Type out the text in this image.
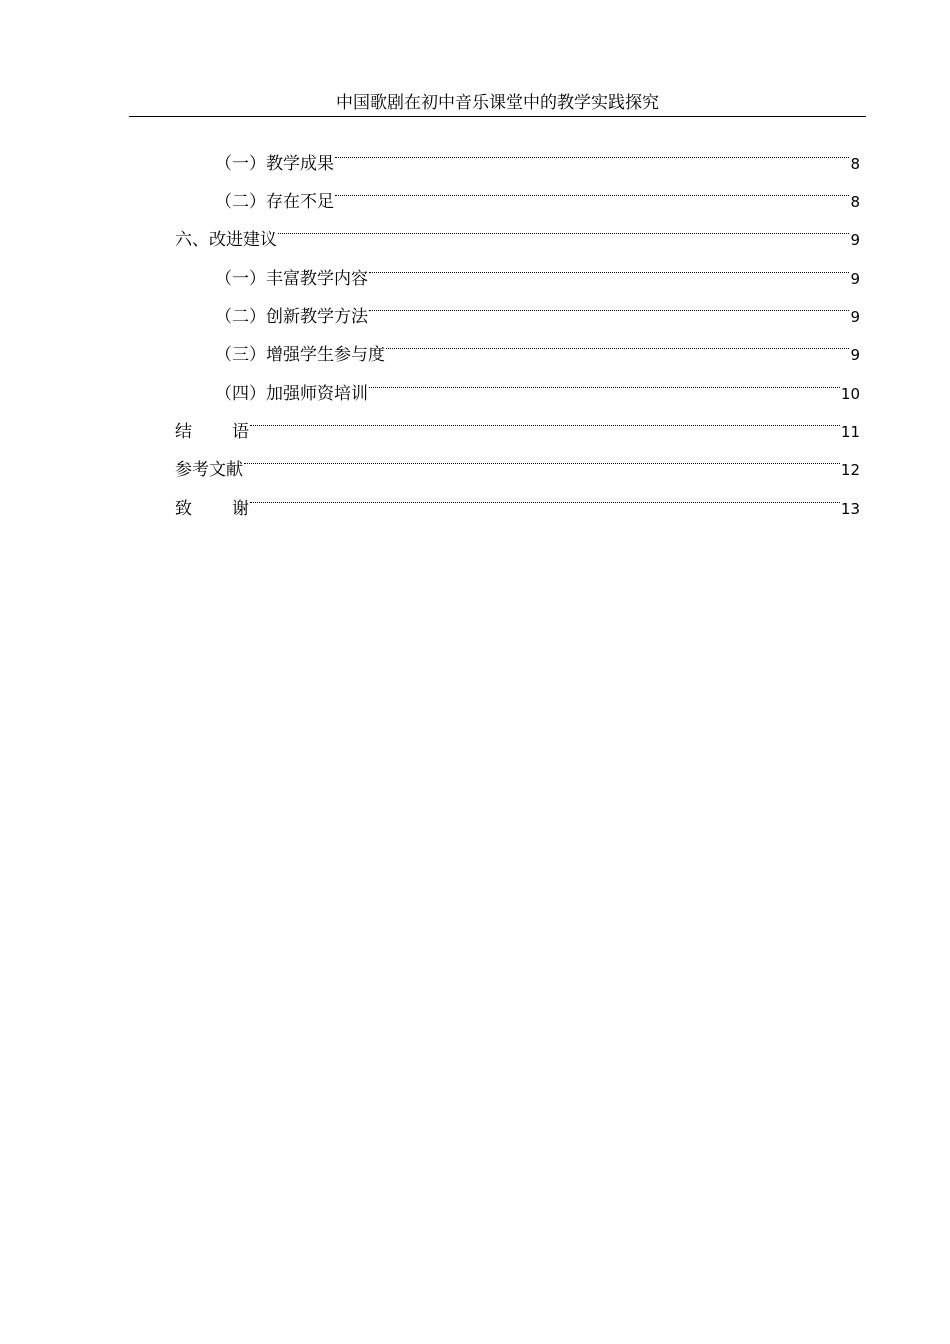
中国歌剧在初中音乐课堂中的教学实践探究
（一）教学成果	8
（二）存在不足	8
六、改进建议	9
（一）丰富教学内容	9
（二）创新教学方法	9
（三）增强学生参与度	9
（四）加强师资培训	10
结 语	11
参考文献	12
致 谢	13
